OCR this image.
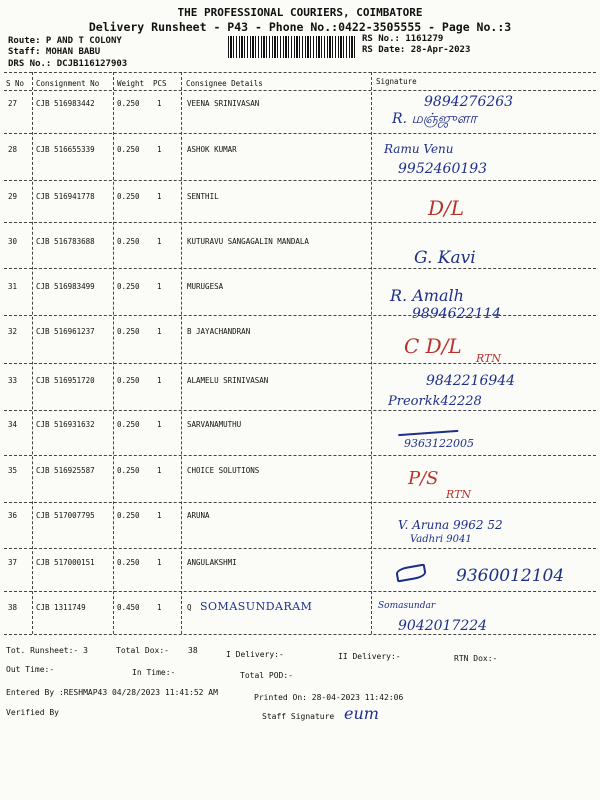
THE PROFESSIONAL COURIERS, COIMBATORE
Delivery Runsheet - P43 - Phone No.:0422-3505555 - Page No.:3
Route: P AND T COLONY
Staff: MOHAN BABU
DRS No.: DCJB116127903
RS No.: 1161279
RS Date: 28-Apr-2023
S No Consignment No Weight PCS	Consignee Details	Signature
27	CJB 516983442	0.250 1	VEENA SRINIVASAN	9894276263
R. மஞ்ஜுளா
28	CJB 516655339	0.250 1	ASHOK KUMAR	Ramu Venu
9952460193
29	CJB 516941778	0.250 1	SENTHIL	D/L
30	CJB 516783688	0.250 1	KUTURAVU SANGAGALIN MANDALA
G. Kavi
31	CJB 516983499	0.250 1	MURUGESA	R. Amalh
9894622114
32	CJB 516961237	0.250 1	B JAYACHANDRAN
C D/L
RTN
33	CJB 516951720	0.250 1	ALAMELU SRINIVASAN	9842216944
Preorkk42228
34	CJB 516931632	0.250 1	SARVANAMUTHU
9363122005
35	CJB 516925587	0.250 1	CHOICE SOLUTIONS	P/S
RTN
36	CJB 517007795	0.250 1	ARUNA
V. Aruna 9962 52
Vadhri 9041
37	CJB 517000151	0.250 1	ANGULAKSHMI
9360012104
38	CJB 1311749	0.450 1	Q SOMASUNDARAM	Somasundar
9042017224
Tot. Runsheet:- 3	Total Dox:- 38	I Delivery:-	II Delivery:-	RTN Dox:-
Out Time:-	In Time:-	Total POD:-
Entered By :RESHMAP43 04/28/2023 11:41:52 AM
Printed On: 28-04-2023 11:42:06
Verified By	Staff Signature eum
